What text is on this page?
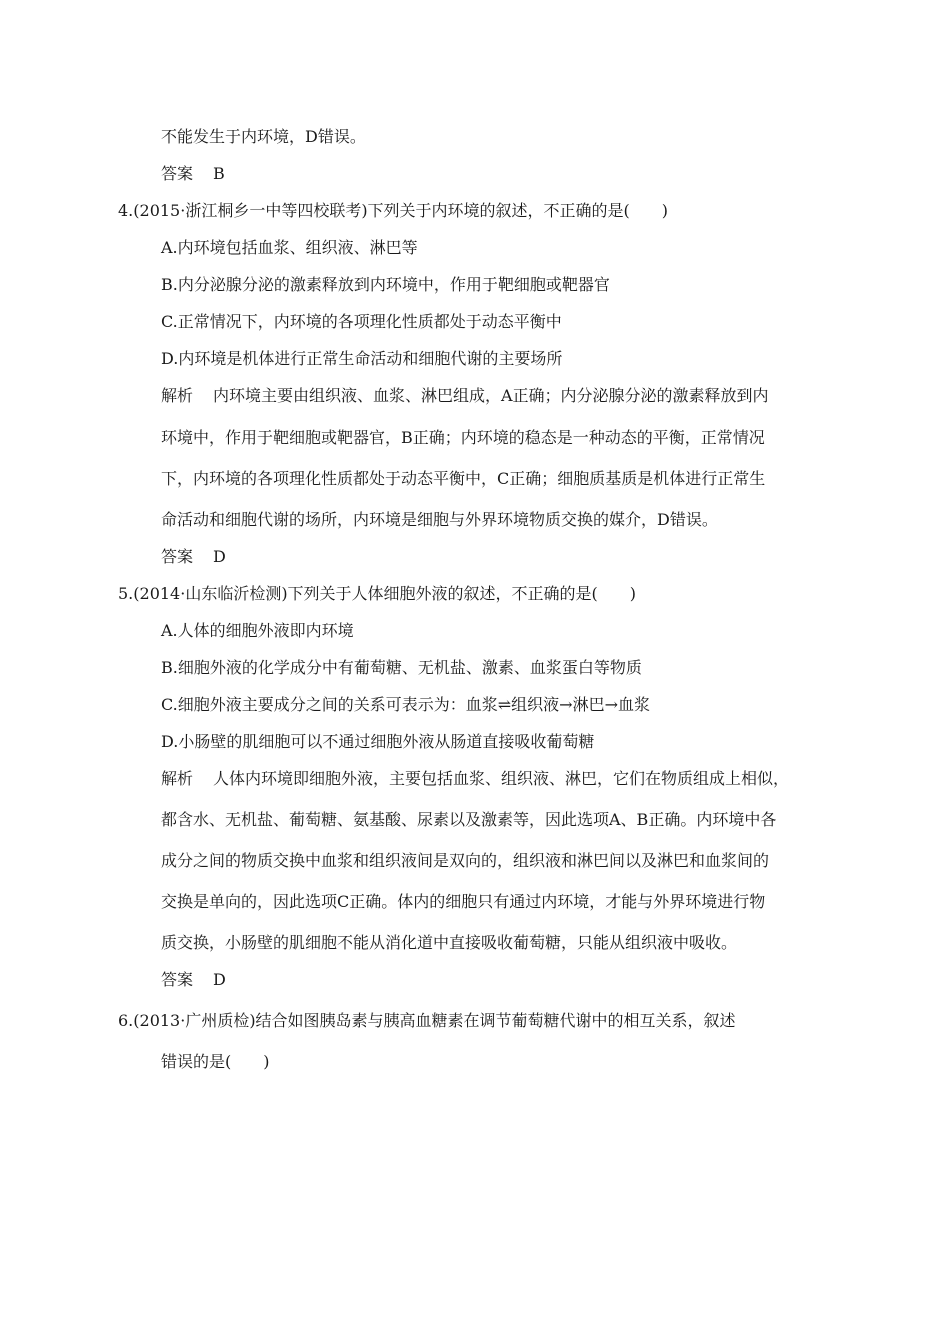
不能发生于内环境，D错误。

答案 B

4.(2015·浙江桐乡一中等四校联考)下列关于内环境的叙述，不正确的是(　　)

A.内环境包括血浆、组织液、淋巴等

B.内分泌腺分泌的激素释放到内环境中，作用于靶细胞或靶器官

C.正常情况下，内环境的各项理化性质都处于动态平衡中

D.内环境是机体进行正常生命活动和细胞代谢的主要场所

解析 内环境主要由组织液、血浆、淋巴组成，A正确；内分泌腺分泌的激素释放到内

环境中，作用于靶细胞或靶器官，B正确；内环境的稳态是一种动态的平衡，正常情况

下，内环境的各项理化性质都处于动态平衡中，C正确；细胞质基质是机体进行正常生

命活动和细胞代谢的场所，内环境是细胞与外界环境物质交换的媒介，D错误。

答案 D

5.(2014·山东临沂检测)下列关于人体细胞外液的叙述，不正确的是(　　)

A.人体的细胞外液即内环境

B.细胞外液的化学成分中有葡萄糖、无机盐、激素、血浆蛋白等物质

C.细胞外液主要成分之间的关系可表示为：血浆⇌组织液→淋巴→血浆

D.小肠壁的肌细胞可以不通过细胞外液从肠道直接吸收葡萄糖

解析 人体内环境即细胞外液，主要包括血浆、组织液、淋巴，它们在物质组成上相似，

都含水、无机盐、葡萄糖、氨基酸、尿素以及激素等，因此选项A、B正确。内环境中各

成分之间的物质交换中血浆和组织液间是双向的，组织液和淋巴间以及淋巴和血浆间的

交换是单向的，因此选项C正确。体内的细胞只有通过内环境，才能与外界环境进行物

质交换，小肠壁的肌细胞不能从消化道中直接吸收葡萄糖，只能从组织液中吸收。

答案 D

6.(2013·广州质检)结合如图胰岛素与胰高血糖素在调节葡萄糖代谢中的相互关系，叙述

错误的是(　　)
